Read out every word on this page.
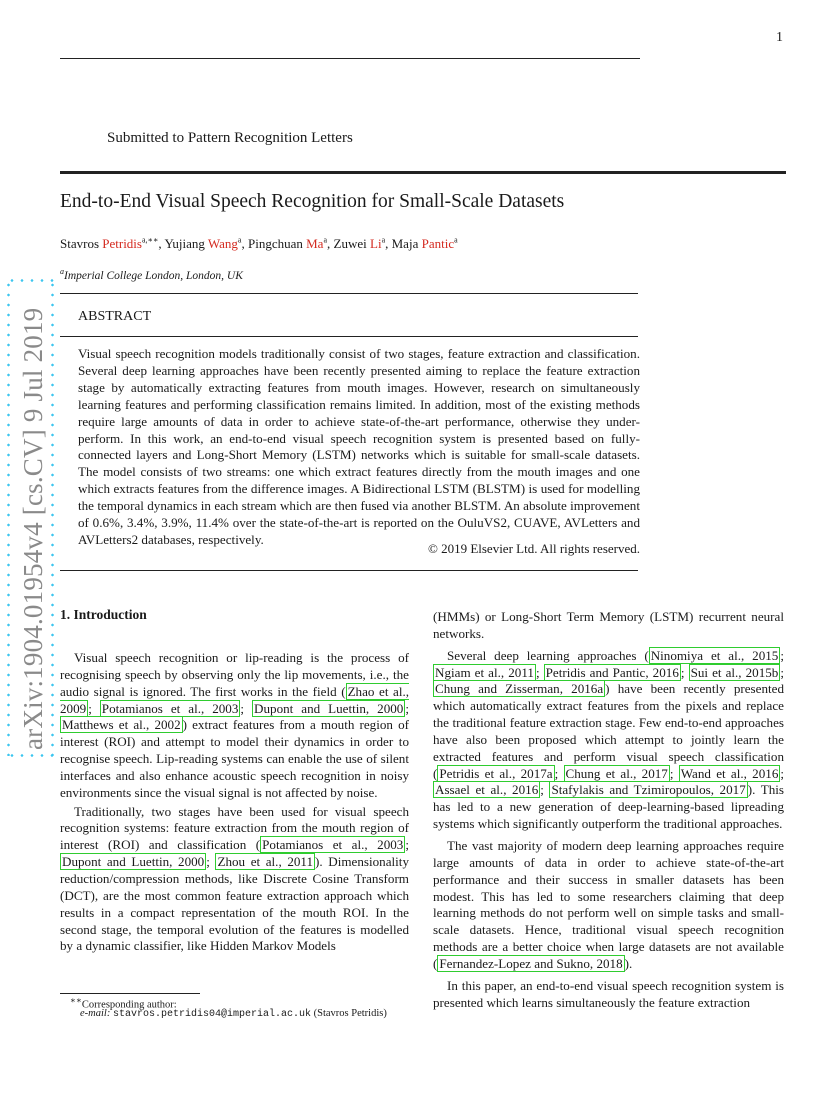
1
Submitted to Pattern Recognition Letters
End-to-End Visual Speech Recognition for Small-Scale Datasets
Stavros Petridis$^{a,∗∗}$, Yujiang Wang$^a$, Pingchuan Ma$^a$, Zuwei Li$^a$, Maja Pantic$^a$
$^a$Imperial College London, London, UK
ABSTRACT
Visual speech recognition models traditionally consist of two stages, feature extraction and classification. Several deep learning approaches have been recently presented aiming to replace the feature extraction stage by automatically extracting features from mouth images. However, research on simultaneously learning features and performing classification remains limited. In addition, most of the existing methods require large amounts of data in order to achieve state-of-the-art performance, otherwise they under-perform. In this work, an end-to-end visual speech recognition system is presented based on fully-connected layers and Long-Short Memory (LSTM) networks which is suitable for small-scale datasets. The model consists of two streams: one which extract features directly from the mouth images and one which extracts features from the difference images. A Bidirectional LSTM (BLSTM) is used for modelling the temporal dynamics in each stream which are then fused via another BLSTM. An absolute improvement of 0.6%, 3.4%, 3.9%, 11.4% over the state-of-the-art is reported on the OuluVS2, CUAVE, AVLetters and AVLetters2 databases, respectively.
© 2019 Elsevier Ltd. All rights reserved.
1. Introduction

Visual speech recognition or lip-reading is the process of recognising speech by observing only the lip movements, i.e., the audio signal is ignored. The first works in the field ( Zhao et al., 2009 ; Potamianos et al., 2003 ; Dupont and Luettin, 2000 ; Matthews et al., 2002 ) extract features from a mouth region of interest (ROI) and attempt to model their dynamics in order to recognise speech. Lip-reading systems can enable the use of silent interfaces and also enhance acoustic speech recognition in noisy environments since the visual signal is not affected by noise.

Traditionally, two stages have been used for visual speech recognition systems: feature extraction from the mouth region of interest (ROI) and classification ( Potamianos et al., 2003 ; Dupont and Luettin, 2000 ; Zhou et al., 2011 ). Dimensionality reduction/compression methods, like Discrete Cosine Transform (DCT), are the most common feature extraction approach which results in a compact representation of the mouth ROI. In the second stage, the temporal evolution of the features is modelled by a dynamic classifier, like Hidden Markov Models

(HMMs) or Long-Short Term Memory (LSTM) recurrent neural networks.

Several deep learning approaches ( Ninomiya et al., 2015 ; Ngiam et al., 2011 ; Petridis and Pantic, 2016 ; Sui et al., 2015b ; Chung and Zisserman, 2016a ) have been recently presented which automatically extract features from the pixels and replace the traditional feature extraction stage. Few end-to-end approaches have also been proposed which attempt to jointly learn the extracted features and perform visual speech classification ( Petridis et al., 2017a ; Chung et al., 2017 ; Wand et al., 2016 ; Assael et al., 2016 ; Stafylakis and Tzimiropoulos, 2017 ). This has led to a new generation of deep-learning-based lipreading systems which significantly outperform the traditional approaches.

The vast majority of modern deep learning approaches require large amounts of data in order to achieve state-of-the-art performance and their success in smaller datasets has been modest. This has led to some researchers claiming that deep learning methods do not perform well on simple tasks and small-scale datasets. Hence, traditional visual speech recognition methods are a better choice when large datasets are not available ( Fernandez-Lopez and Sukno, 2018 ).

In this paper, an end-to-end visual speech recognition system is presented which learns simultaneously the feature extraction

∗∗Corresponding author:
e-mail: stavros.petridis04@imperial.ac.uk (Stavros Petridis)
arXiv:1904.01954v4 [cs.CV] 9 Jul 2019
